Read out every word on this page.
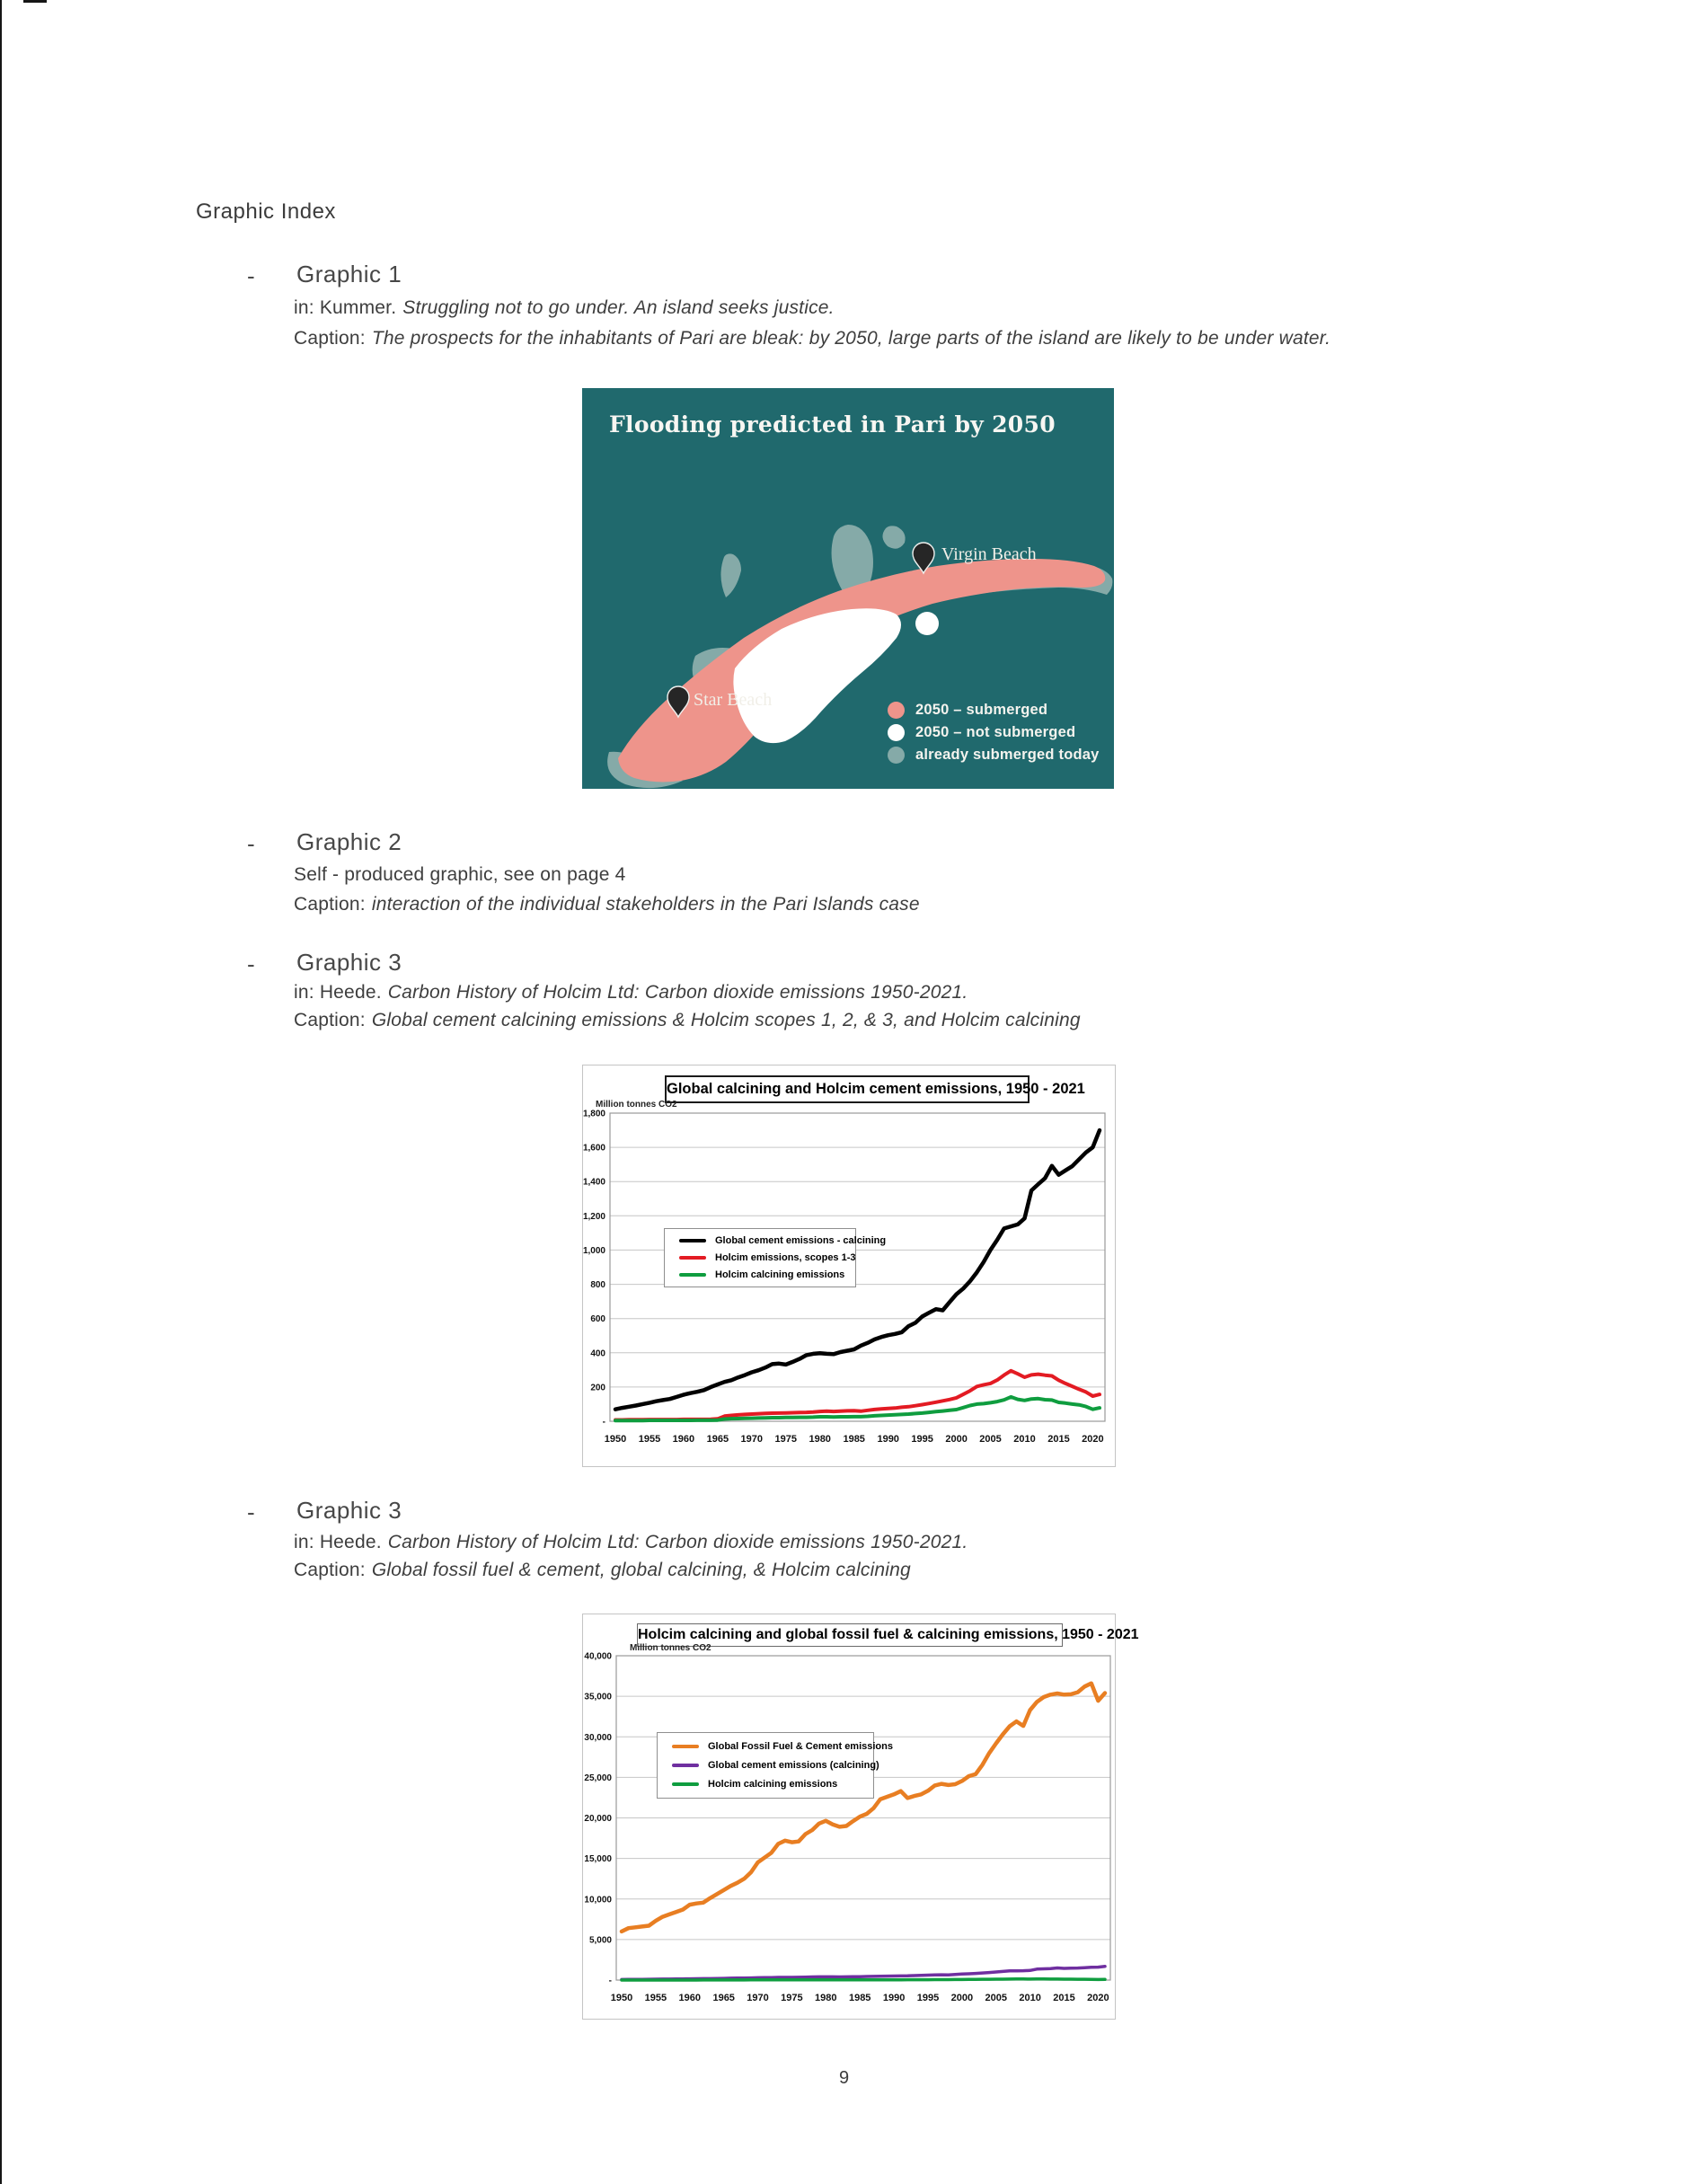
Graphic Index
- Graphic 1
in: Kummer. Struggling not to go under. An island seeks justice.
Caption: The prospects for the inhabitants of Pari are bleak: by 2050, large parts of the island are likely to be under water.
Flooding predicted in Pari by 2050
Virgin Beach
Star Beach	2050 – submerged
2050 – not submerged
already submerged today
- Graphic 2
Self - produced graphic, see on page 4
Caption: interaction of the individual stakeholders in the Pari Islands case
- Graphic 3
in: Heede. Carbon History of Holcim Ltd: Carbon dioxide emissions 1950-2021.
Caption: Global cement calcining emissions & Holcim scopes 1, 2, & 3, and Holcim calcining
1,800
1,600
1,400
1,200
1,000
800
600
400
200
-
1950 1955 1960 1965 1970 1975 1980 1985 1990 1995 2000 2005 2010 2015 2020
Global calcining and Holcim cement emissions, 1950 - 2021
Million tonnes CO2
Global cement emissions - calcining
Holcim emissions, scopes 1-3
Holcim calcining emissions
- Graphic 3
in: Heede. Carbon History of Holcim Ltd: Carbon dioxide emissions 1950-2021.
Caption: Global fossil fuel & cement, global calcining, & Holcim calcining
40,000
35,000
30,000
25,000
20,000
15,000
10,000
5,000
-
1950 1955 1960 1965 1970 1975 1980 1985 1990 1995 2000 2005 2010 2015 2020
Holcim calcining and global fossil fuel & calcining emissions, 1950 - 2021
Million tonnes CO2
Global Fossil Fuel & Cement emissions
Global cement emissions (calcining)
Holcim calcining emissions
9
